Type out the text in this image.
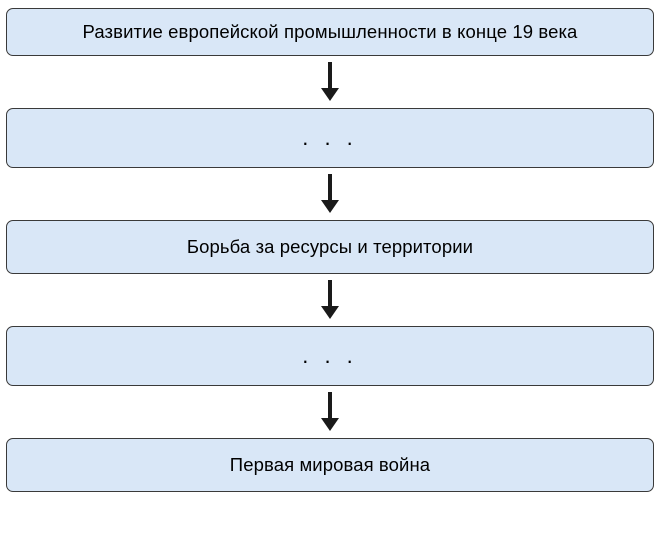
Развитие европейской промышленности в конце 19 века
. . .
Борьба за ресурсы и территории
. . .
Первая мировая война
